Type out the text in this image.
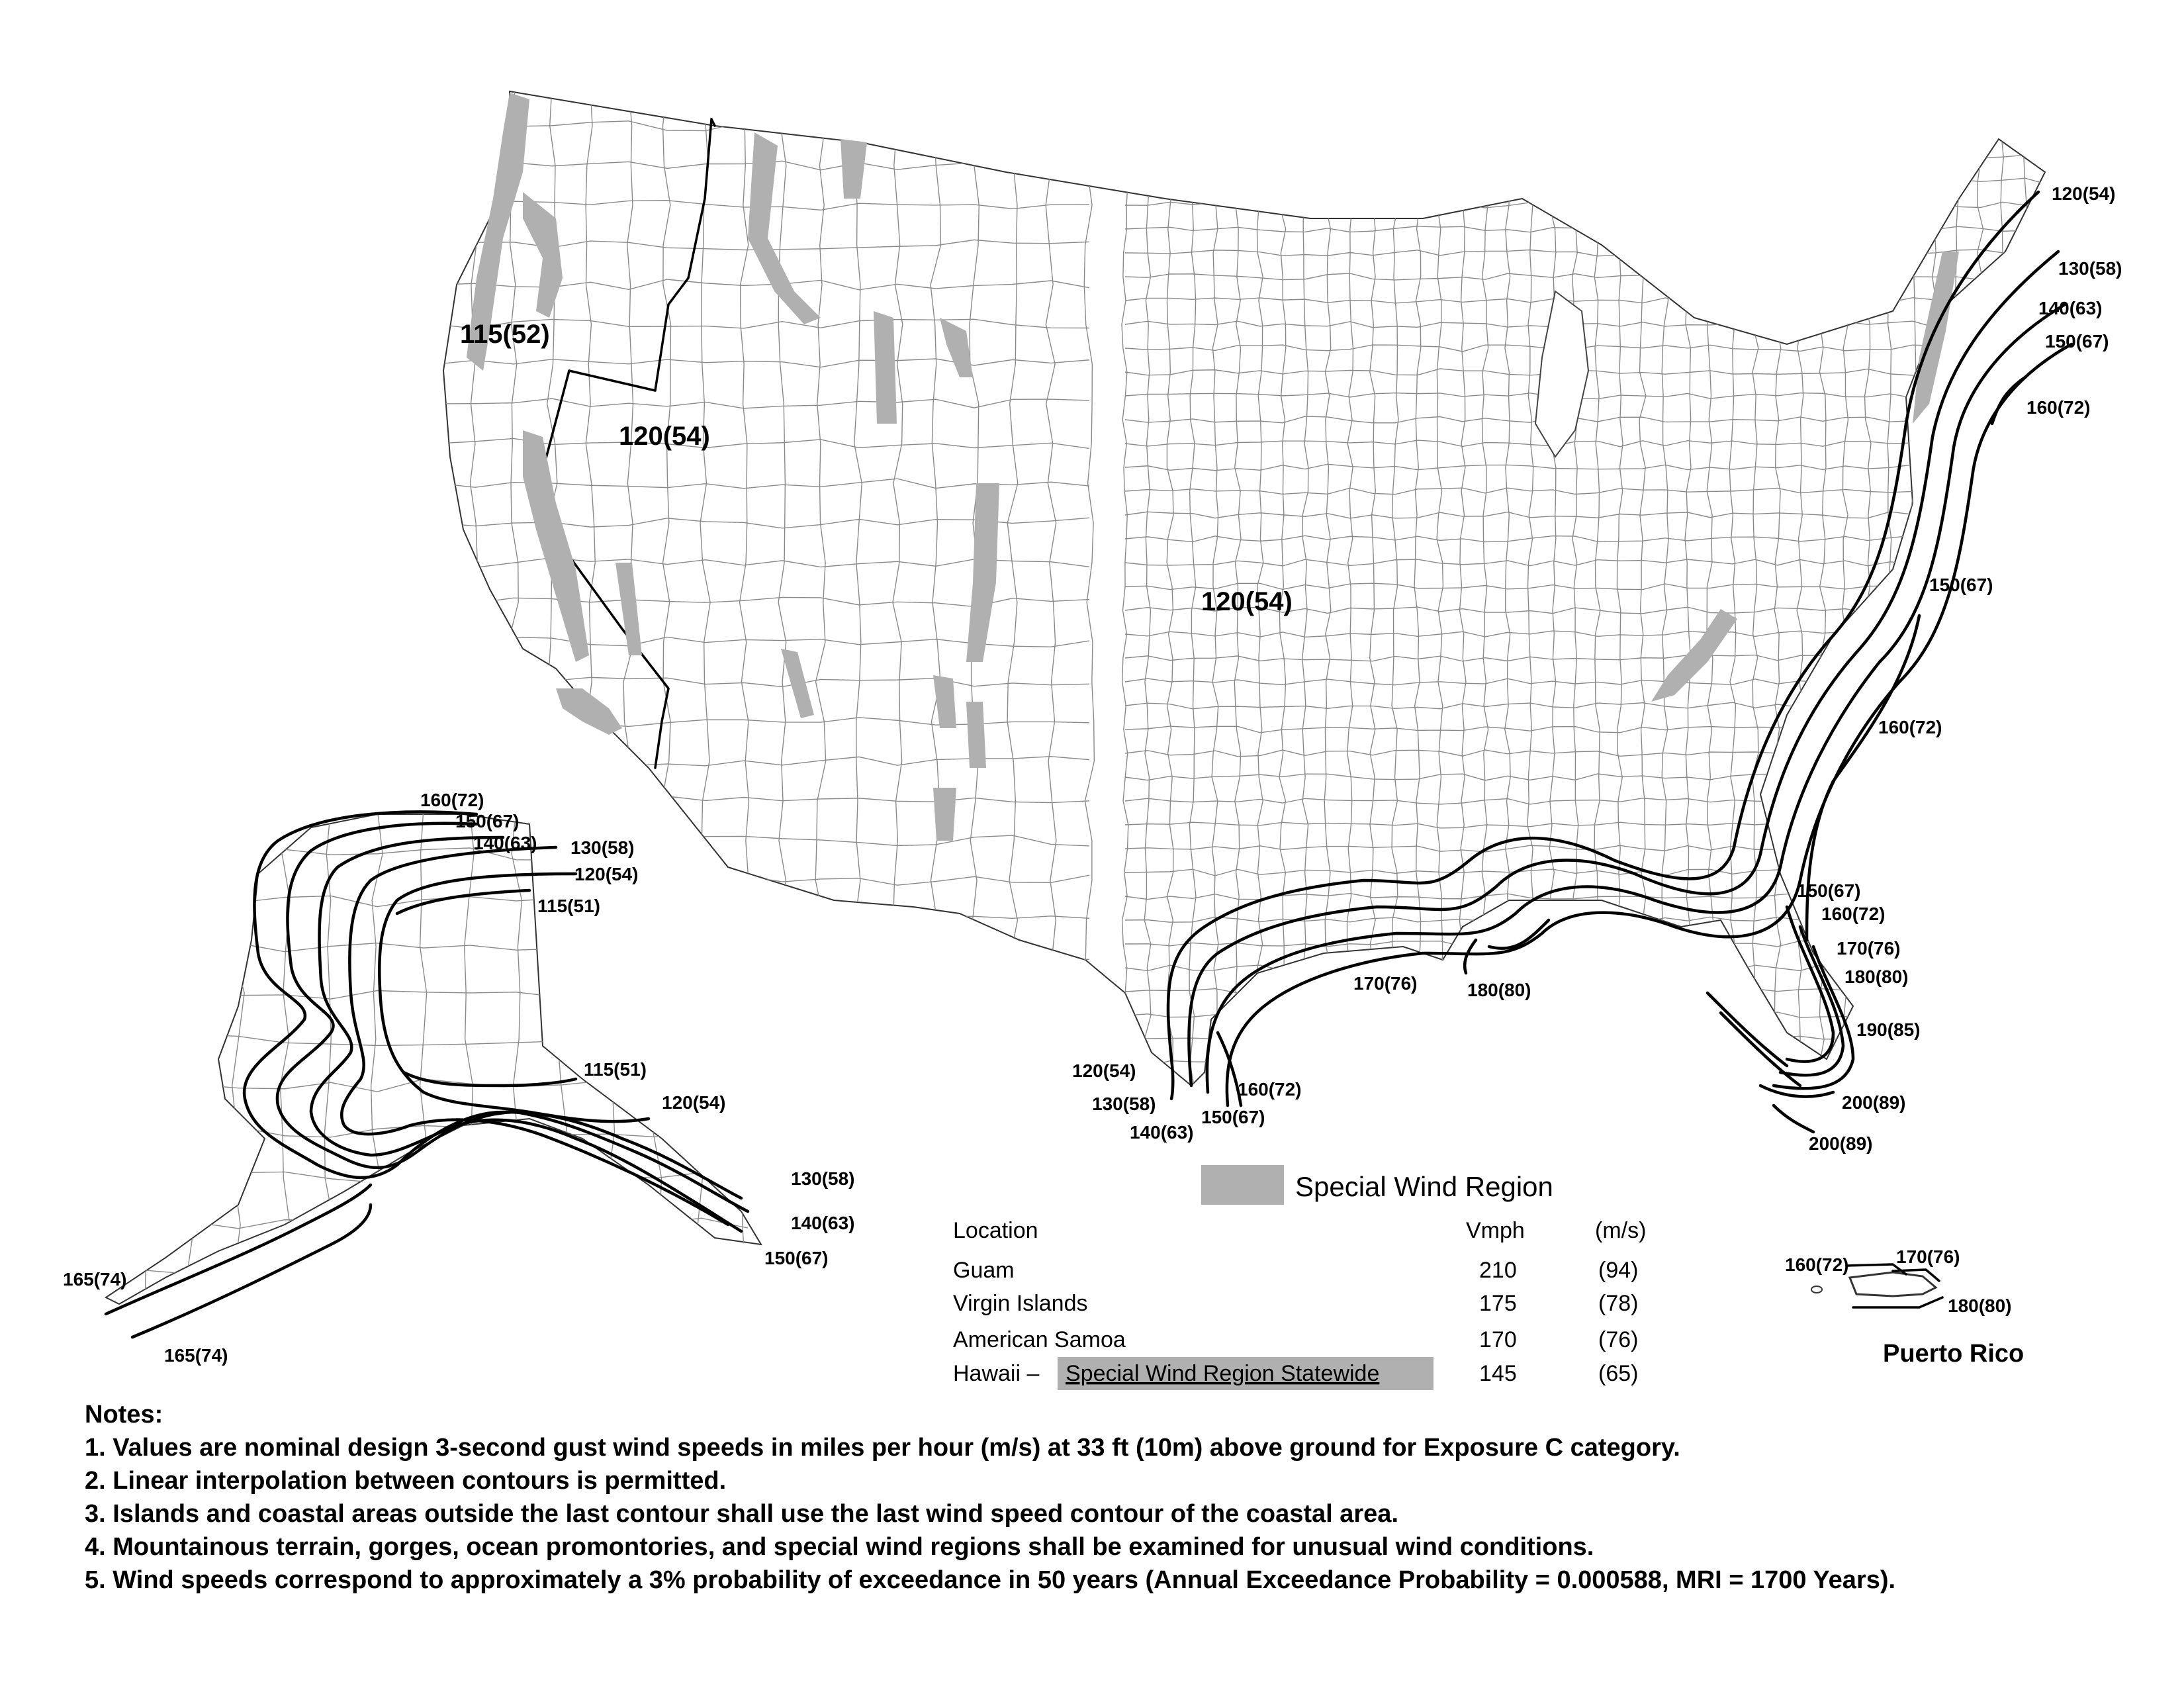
115(52)
120(54)
120(54)
120(54)
130(58)
140(63)
150(67)
160(72)
150(67)
160(72)
120(54)
130(58)
140(63)
150(67)
160(72)
170(76)	180(80)
150(67)
160(72)
170(76)
180(80)
190(85)
200(89)
200(89)
160(72)
150(67)
140(63) 130(58)
120(54)
115(51)
115(51)
120(54)
130(58)
140(63)
150(67)
165(74)
165(74)
Special Wind Region
Location	Vmph	(m/s)
Guam	210	(94)
Virgin Islands	175	(78)
American Samoa	170	(76)
Hawaii – Special Wind Region Statewide	145	(65)
160(72)	170(76)
180(80)
Puerto Rico
Notes:
1. Values are nominal design 3-second gust wind speeds in miles per hour (m/s) at 33 ft (10m) above ground for Exposure C category.
2. Linear interpolation between contours is permitted.
3. Islands and coastal areas outside the last contour shall use the last wind speed contour of the coastal area.
4. Mountainous terrain, gorges, ocean promontories, and special wind regions shall be examined for unusual wind conditions.
5. Wind speeds correspond to approximately a 3% probability of exceedance in 50 years (Annual Exceedance Probability = 0.000588, MRI = 1700 Years).
